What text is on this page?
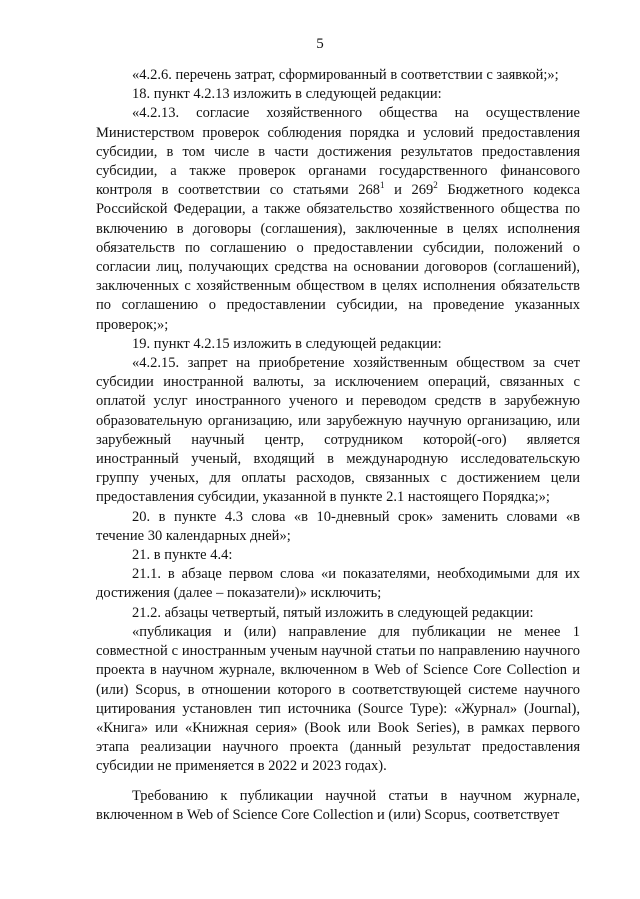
5

«4.2.6. перечень затрат, сформированный в соответствии с заявкой;»;

18. пункт 4.2.13 изложить в следующей редакции:

«4.2.13. согласие хозяйственного общества на осуществление Министерством проверок соблюдения порядка и условий предоставления субсидии, в том числе в части достижения результатов предоставления субсидии, а также проверок органами государственного финансового контроля в соответствии со статьями $268^1$ и $269^2$ Бюджетного кодекса Российской Федерации, а также обязательство хозяйственного общества по включению в договоры (соглашения), заключенные в целях исполнения обязательств по соглашению о предоставлении субсидии, положений о согласии лиц, получающих средства на основании договоров (соглашений), заключенных с хозяйственным обществом в целях исполнения обязательств по соглашению о предоставлении субсидии, на проведение указанных проверок;»;

19. пункт 4.2.15 изложить в следующей редакции:

«4.2.15. запрет на приобретение хозяйственным обществом за счет субсидии иностранной валюты, за исключением операций, связанных с оплатой услуг иностранного ученого и переводом средств в зарубежную образовательную организацию, или зарубежную научную организацию, или зарубежный научный центр, сотрудником которой(-ого) является иностранный ученый, входящий в международную исследовательскую группу ученых, для оплаты расходов, связанных с достижением цели предоставления субсидии, указанной в пункте 2.1 настоящего Порядка;»;

20. в пункте 4.3 слова «в 10-дневный срок» заменить словами «в течение 30 календарных дней»;

21. в пункте 4.4:

21.1. в абзаце первом слова «и показателями, необходимыми для их достижения (далее – показатели)» исключить;

21.2. абзацы четвертый, пятый изложить в следующей редакции:

«публикация и (или) направление для публикации не менее 1 совместной с иностранным ученым научной статьи по направлению научного проекта в научном журнале, включенном в Web of Science Core Collection и (или) Scopus, в отношении которого в соответствующей системе научного цитирования установлен тип источника (Source Type): «Журнал» (Journal), «Книга» или «Книжная серия» (Book или Book Series), в рамках первого этапа реализации научного проекта (данный результат предоставления субсидии не применяется в 2022 и 2023 годах).

Требованию к публикации научной статьи в научном журнале, включенном в Web of Science Core Collection и (или) Scopus, соответствует
